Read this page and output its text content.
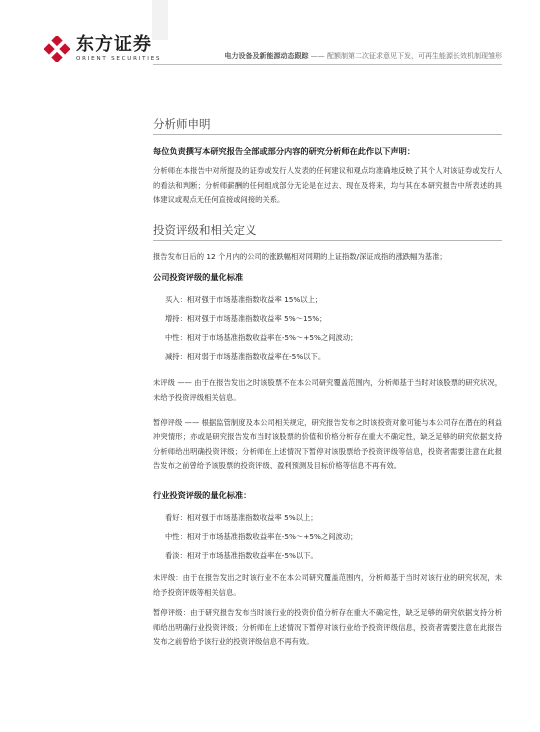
东方证券
ORIENT SECURITIES	电力设备及新能源动态跟踪 —— 配额制第二次征求意见下发，可再生能源长效机制现雏形
分析师申明
每位负责撰写本研究报告全部或部分内容的研究分析师在此作以下声明：
分析师在本报告中对所提及的证券或发行人发表的任何建议和观点均准确地反映了其个人对该证券或发行人的看法和判断；分析师薪酬的任何组成部分无论是在过去、现在及将来，均与其在本研究报告中所表述的具体建议或观点无任何直接或间接的关系。
投资评级和相关定义
报告发布日后的 12 个月内的公司的涨跌幅相对同期的上证指数/深证成指的涨跌幅为基准；
公司投资评级的量化标准
买入：相对强于市场基准指数收益率 15%以上；
增持：相对强于市场基准指数收益率 5%～15%；
中性：相对于市场基准指数收益率在-5%～+5%之间波动；
减持：相对弱于市场基准指数收益率在-5%以下。
未评级 —— 由于在报告发出之时该股票不在本公司研究覆盖范围内，分析师基于当时对该股票的研究状况，未给予投资评级相关信息。
暂停评级 —— 根据监管制度及本公司相关规定，研究报告发布之时该投资对象可能与本公司存在潜在的利益冲突情形；亦或是研究报告发布当时该股票的价值和价格分析存在重大不确定性，缺乏足够的研究依据支持分析师给出明确投资评级；分析师在上述情况下暂停对该股票给予投资评级等信息，投资者需要注意在此报告发布之前曾给予该股票的投资评级、盈利预测及目标价格等信息不再有效。
行业投资评级的量化标准：
看好：相对强于市场基准指数收益率 5%以上；
中性：相对于市场基准指数收益率在-5%～+5%之间波动；
看淡：相对于市场基准指数收益率在-5%以下。
未评级：由于在报告发出之时该行业不在本公司研究覆盖范围内，分析师基于当时对该行业的研究状况，未给予投资评级等相关信息。
暂停评级：由于研究报告发布当时该行业的投资价值分析存在重大不确定性，缺乏足够的研究依据支持分析师给出明确行业投资评级；分析师在上述情况下暂停对该行业给予投资评级信息，投资者需要注意在此报告发布之前曾给予该行业的投资评级信息不再有效。
